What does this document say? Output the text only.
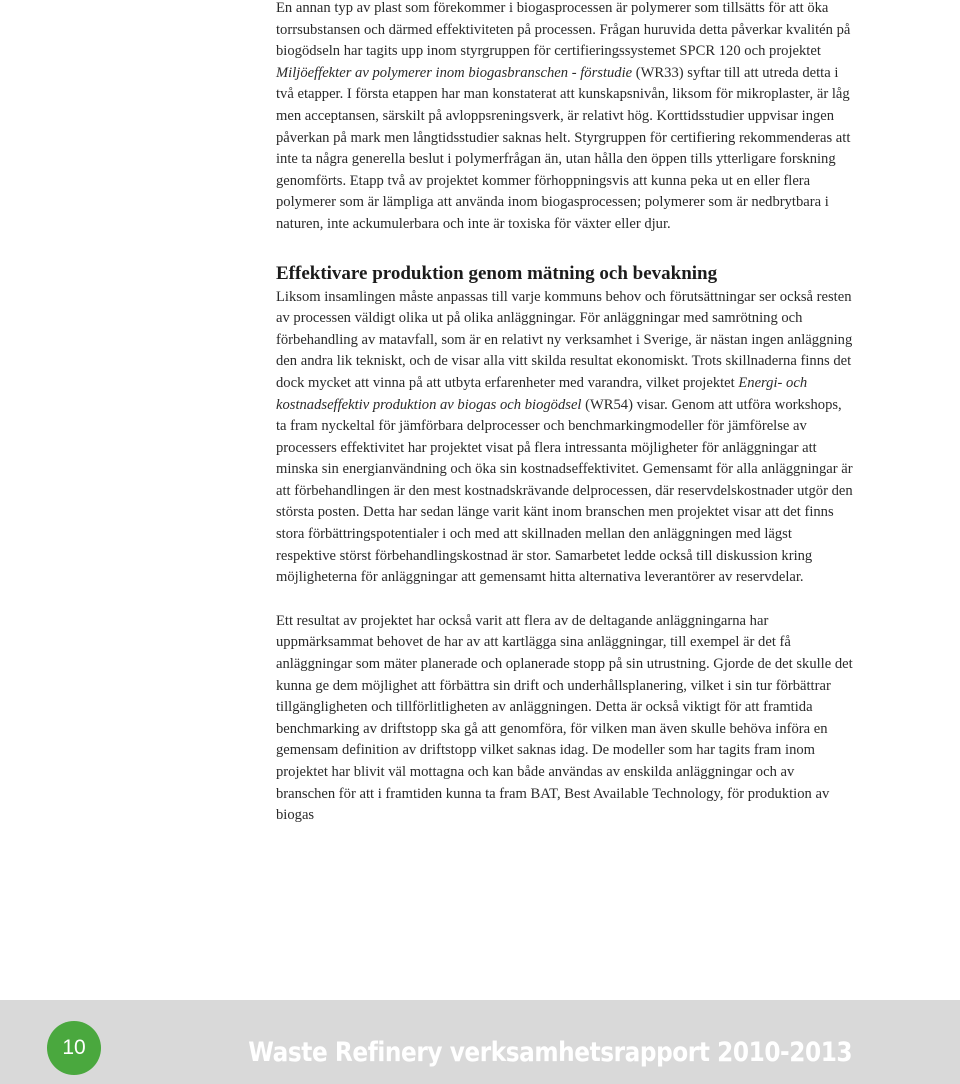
En annan typ av plast som förekommer i biogasprocessen är polymerer som tillsätts för att öka torrsubstansen och därmed effektiviteten på processen. Frågan huruvida detta påverkar kvalitén på biogödseln har tagits upp inom styrgruppen för certifieringssystemet SPCR 120 och projektet Miljöeffekter av polymerer inom biogasbranschen - förstudie (WR33) syftar till att utreda detta i två etapper. I första etappen har man konstaterat att kunskapsnivån, liksom för mikroplaster, är låg men acceptansen, särskilt på avloppsreningsverk, är relativt hög. Korttidsstudier uppvisar ingen påverkan på mark men långtidsstudier saknas helt. Styrgruppen för certifiering rekommenderas att inte ta några generella beslut i polymerfrågan än, utan hålla den öppen tills ytterligare forskning genomförts. Etapp två av projektet kommer förhoppningsvis att kunna peka ut en eller flera polymerer som är lämpliga att använda inom biogasprocessen; polymerer som är nedbrytbara i naturen, inte ackumulerbara och inte är toxiska för växter eller djur.

Effektivare produktion genom mätning och bevakning

Liksom insamlingen måste anpassas till varje kommuns behov och förutsättningar ser också resten av processen väldigt olika ut på olika anläggningar. För anläggningar med samrötning och förbehandling av matavfall, som är en relativt ny verksamhet i Sverige, är nästan ingen anläggning den andra lik tekniskt, och de visar alla vitt skilda resultat ekonomiskt. Trots skillnaderna finns det dock mycket att vinna på att utbyta erfarenheter med varandra, vilket projektet Energi- och kostnadseffektiv produktion av biogas och biogödsel (WR54) visar. Genom att utföra workshops, ta fram nyckeltal för jämförbara delprocesser och benchmarkingmodeller för jämförelse av processers effektivitet har projektet visat på flera intressanta möjligheter för anläggningar att minska sin energianvändning och öka sin kostnadseffektivitet. Gemensamt för alla anläggningar är att förbehandlingen är den mest kostnadskrävande delprocessen, där reservdelskostnader utgör den största posten. Detta har sedan länge varit känt inom branschen men projektet visar att det finns stora förbättringspotentialer i och med att skillnaden mellan den anläggningen med lägst respektive störst förbehandlingskostnad är stor. Samarbetet ledde också till diskussion kring möjligheterna för anläggningar att gemensamt hitta alternativa leverantörer av reservdelar.

Ett resultat av projektet har också varit att flera av de deltagande anläggningarna har uppmärksammat behovet de har av att kartlägga sina anläggningar, till exempel är det få anläggningar som mäter planerade och oplanerade stopp på sin utrustning. Gjorde de det skulle det kunna ge dem möjlighet att förbättra sin drift och underhållsplanering, vilket i sin tur förbättrar tillgängligheten och tillförlitligheten av anläggningen. Detta är också viktigt för att framtida benchmarking av driftstopp ska gå att genomföra, för vilken man även skulle behöva införa en gemensam definition av driftstopp vilket saknas idag. De modeller som har tagits fram inom projektet har blivit väl mottagna och kan både användas av enskilda anläggningar och av branschen för att i framtiden kunna ta fram BAT, Best Available Technology, för produktion av biogas

10	Waste Refinery verksamhetsrapport 2010-2013
